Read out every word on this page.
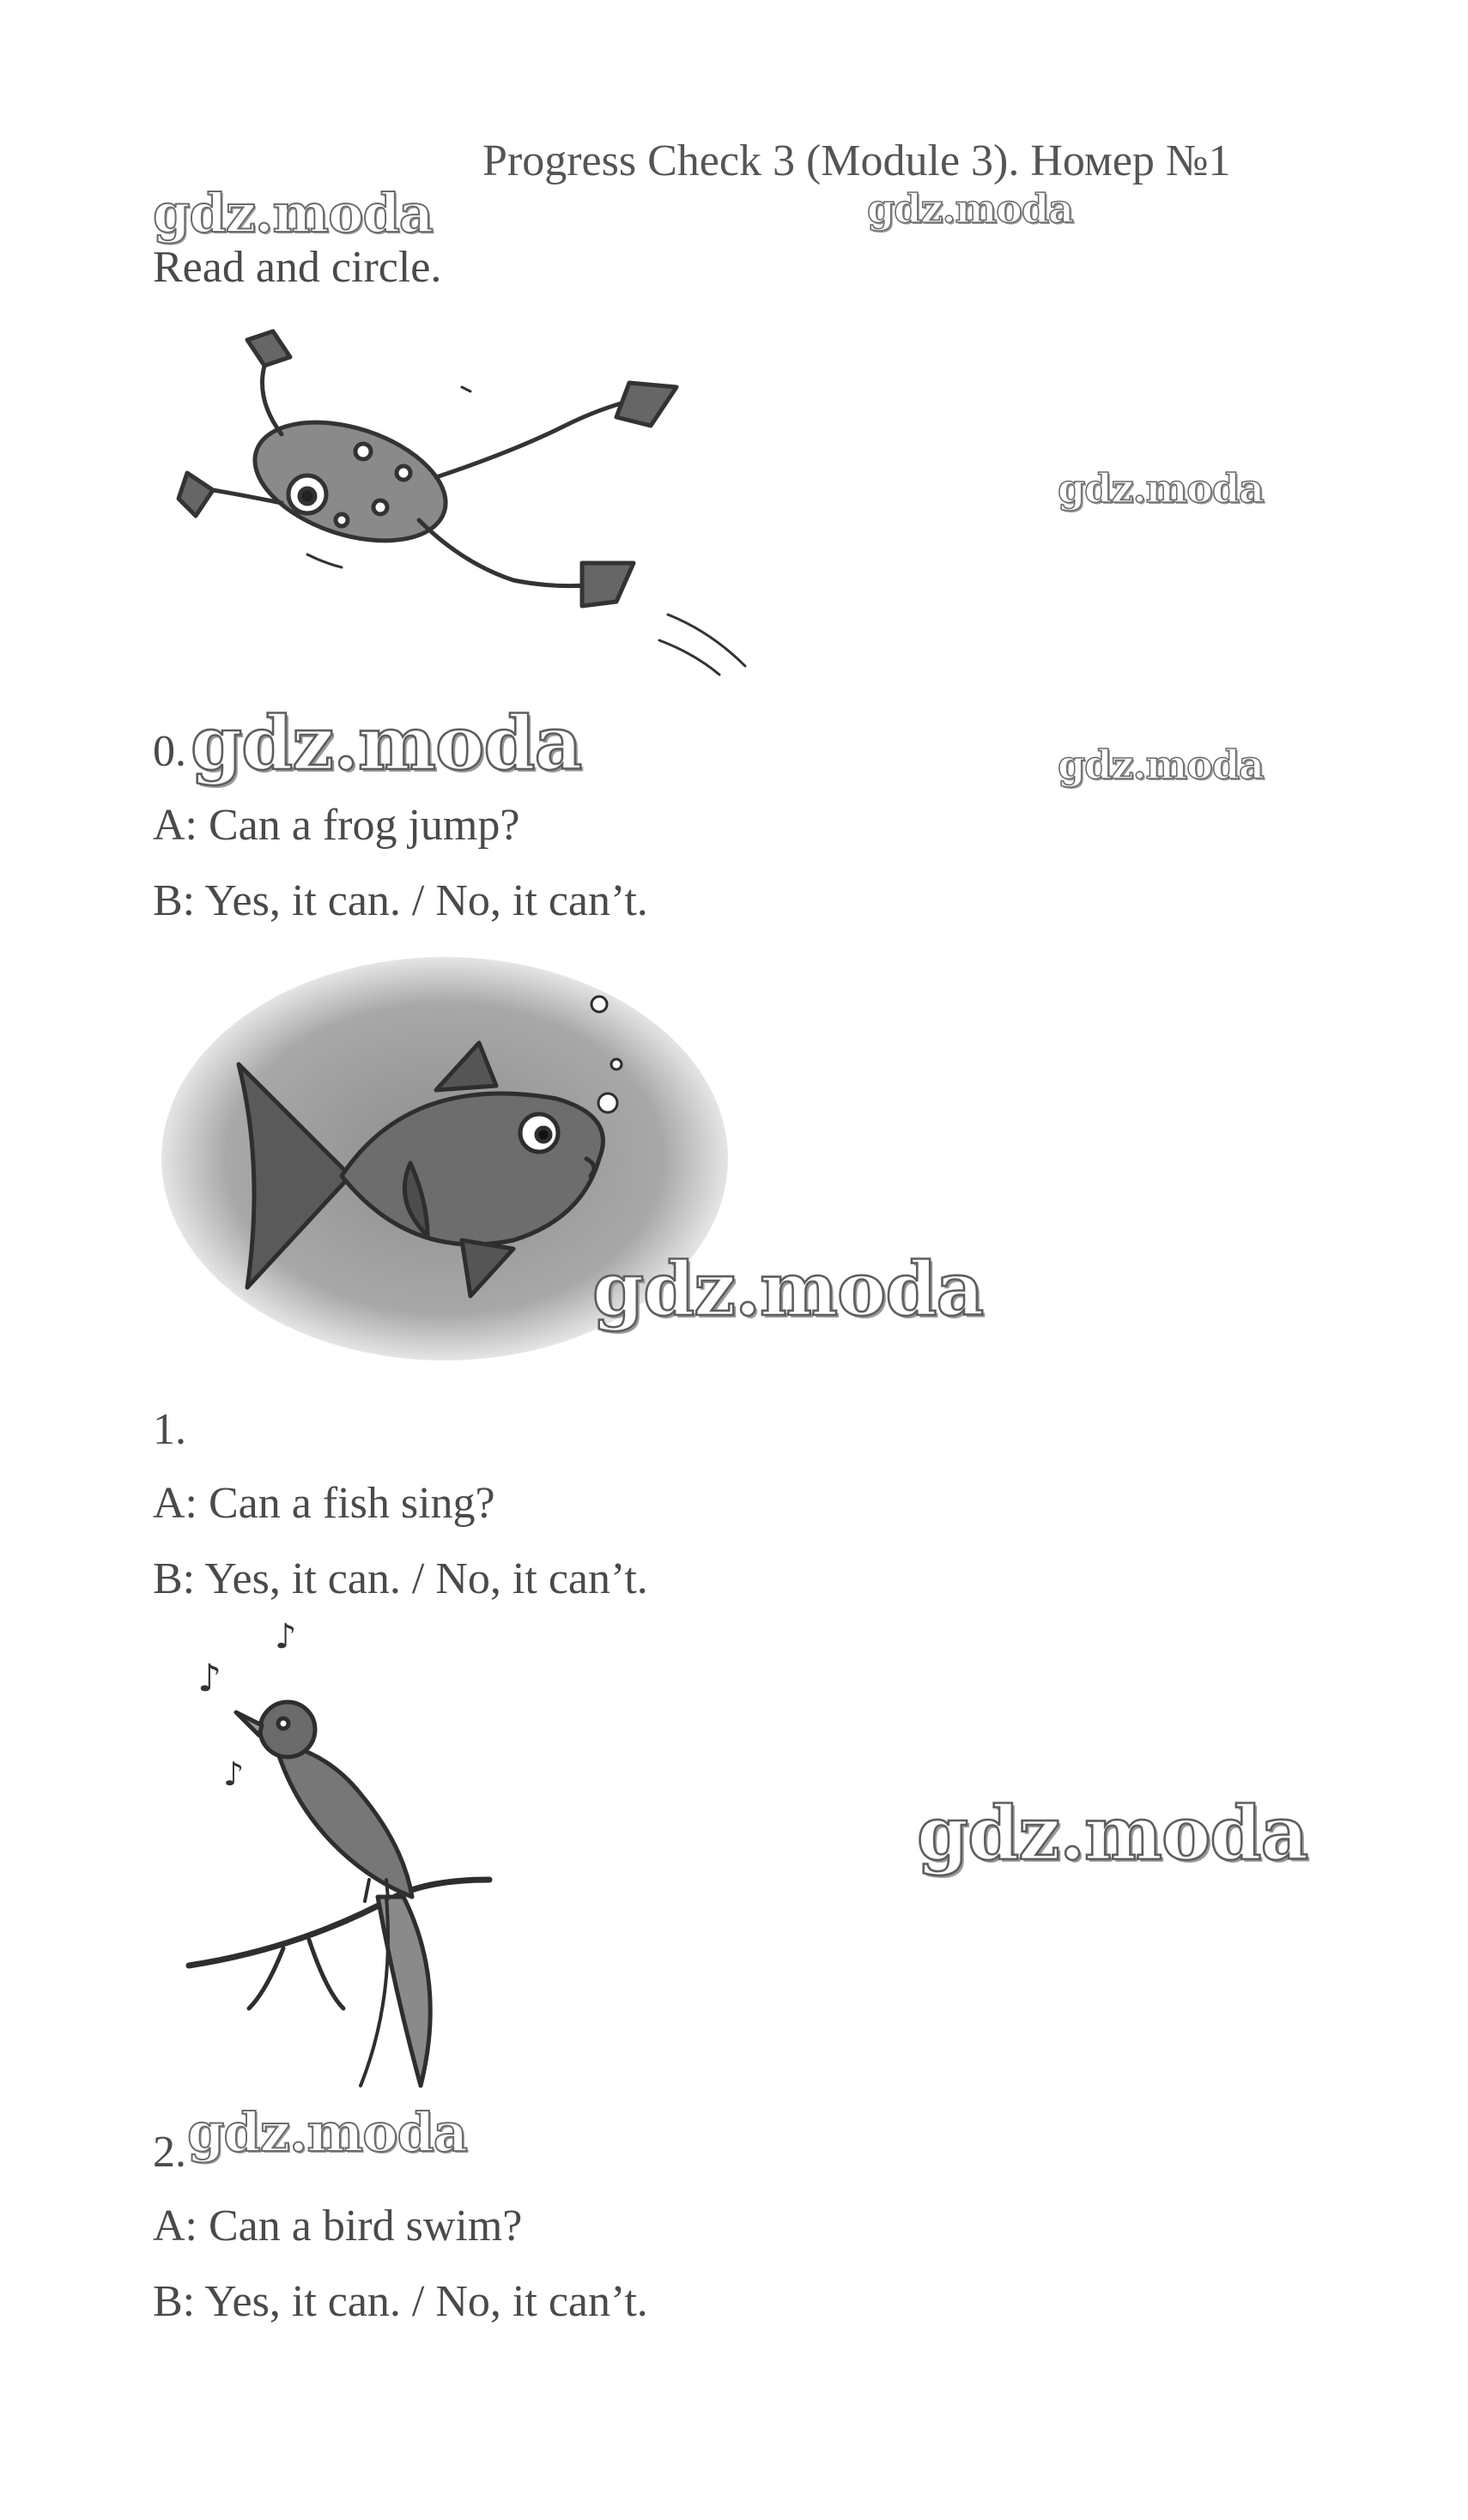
Progress Check 3 (Module 3). Номер №1
gdz.moda	gdz.moda
Read and circle.
gdz.moda
0. gdz.moda	gdz.moda
A: Can a frog jump?
B: Yes, it can. / No, it can’t.
gdz.moda
1.
A: Can a fish sing?
B: Yes, it can. / No, it can’t.
♪
♪
♪
gdz.moda
2. gdz.moda
A: Can a bird swim?
B: Yes, it can. / No, it can’t.
